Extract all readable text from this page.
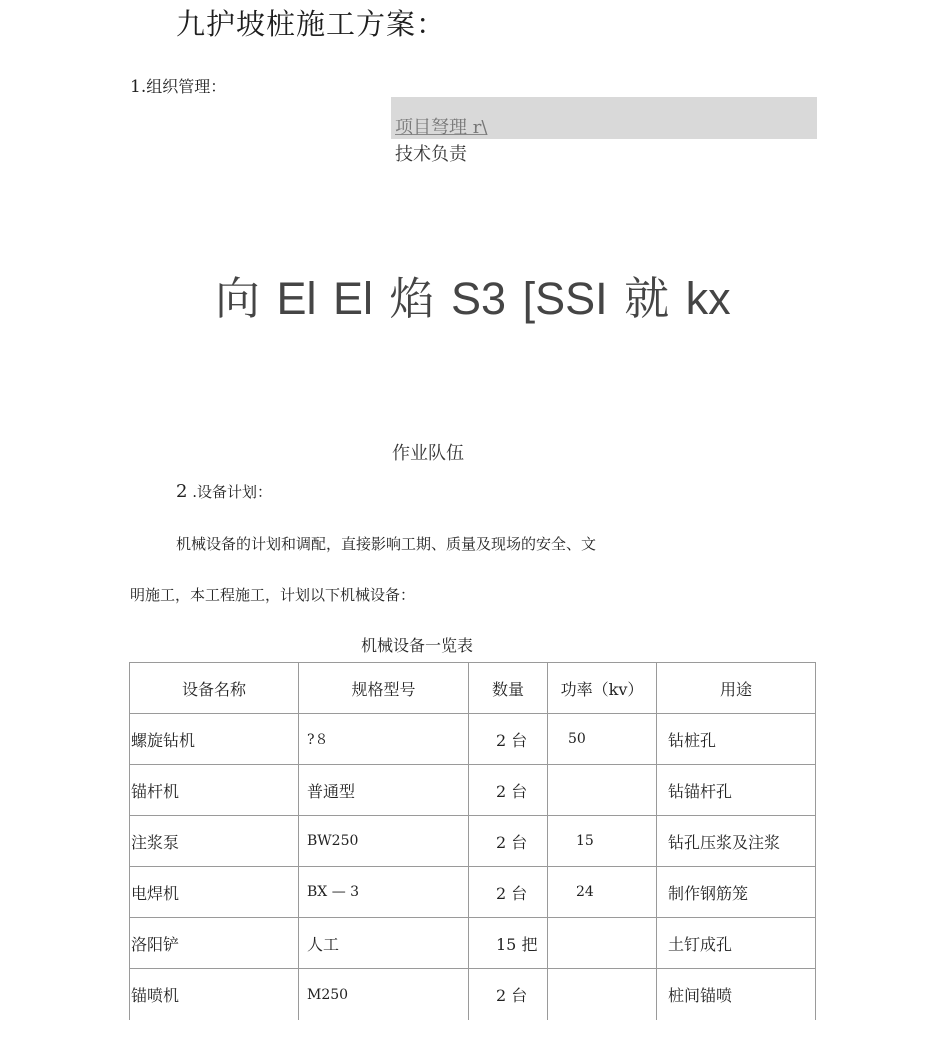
九护坡桩施工方案：
1.组织管理：
项目弩理 r\
技术负责
向 El El 焰 S3 [SSI 就 kx
作业队伍
2 .设备计划：
机械设备的计划和调配，直接影响工期、质量及现场的安全、文
明施工，本工程施工，计划以下机械设备：
机械设备一览表
设备名称	规格型号	数量	功率（kv）	用途
螺旋钻机	?８	2 台	50	钻桩孔
锚杆机	普通型	2 台		钻锚杆孔
注浆泵	BW250	2 台	15	钻孔压浆及注浆
电焊机	BX — 3	2 台	24	制作钢筋笼
洛阳铲	人工	15 把		土钉成孔
锚喷机	M250	2 台		桩间锚喷
